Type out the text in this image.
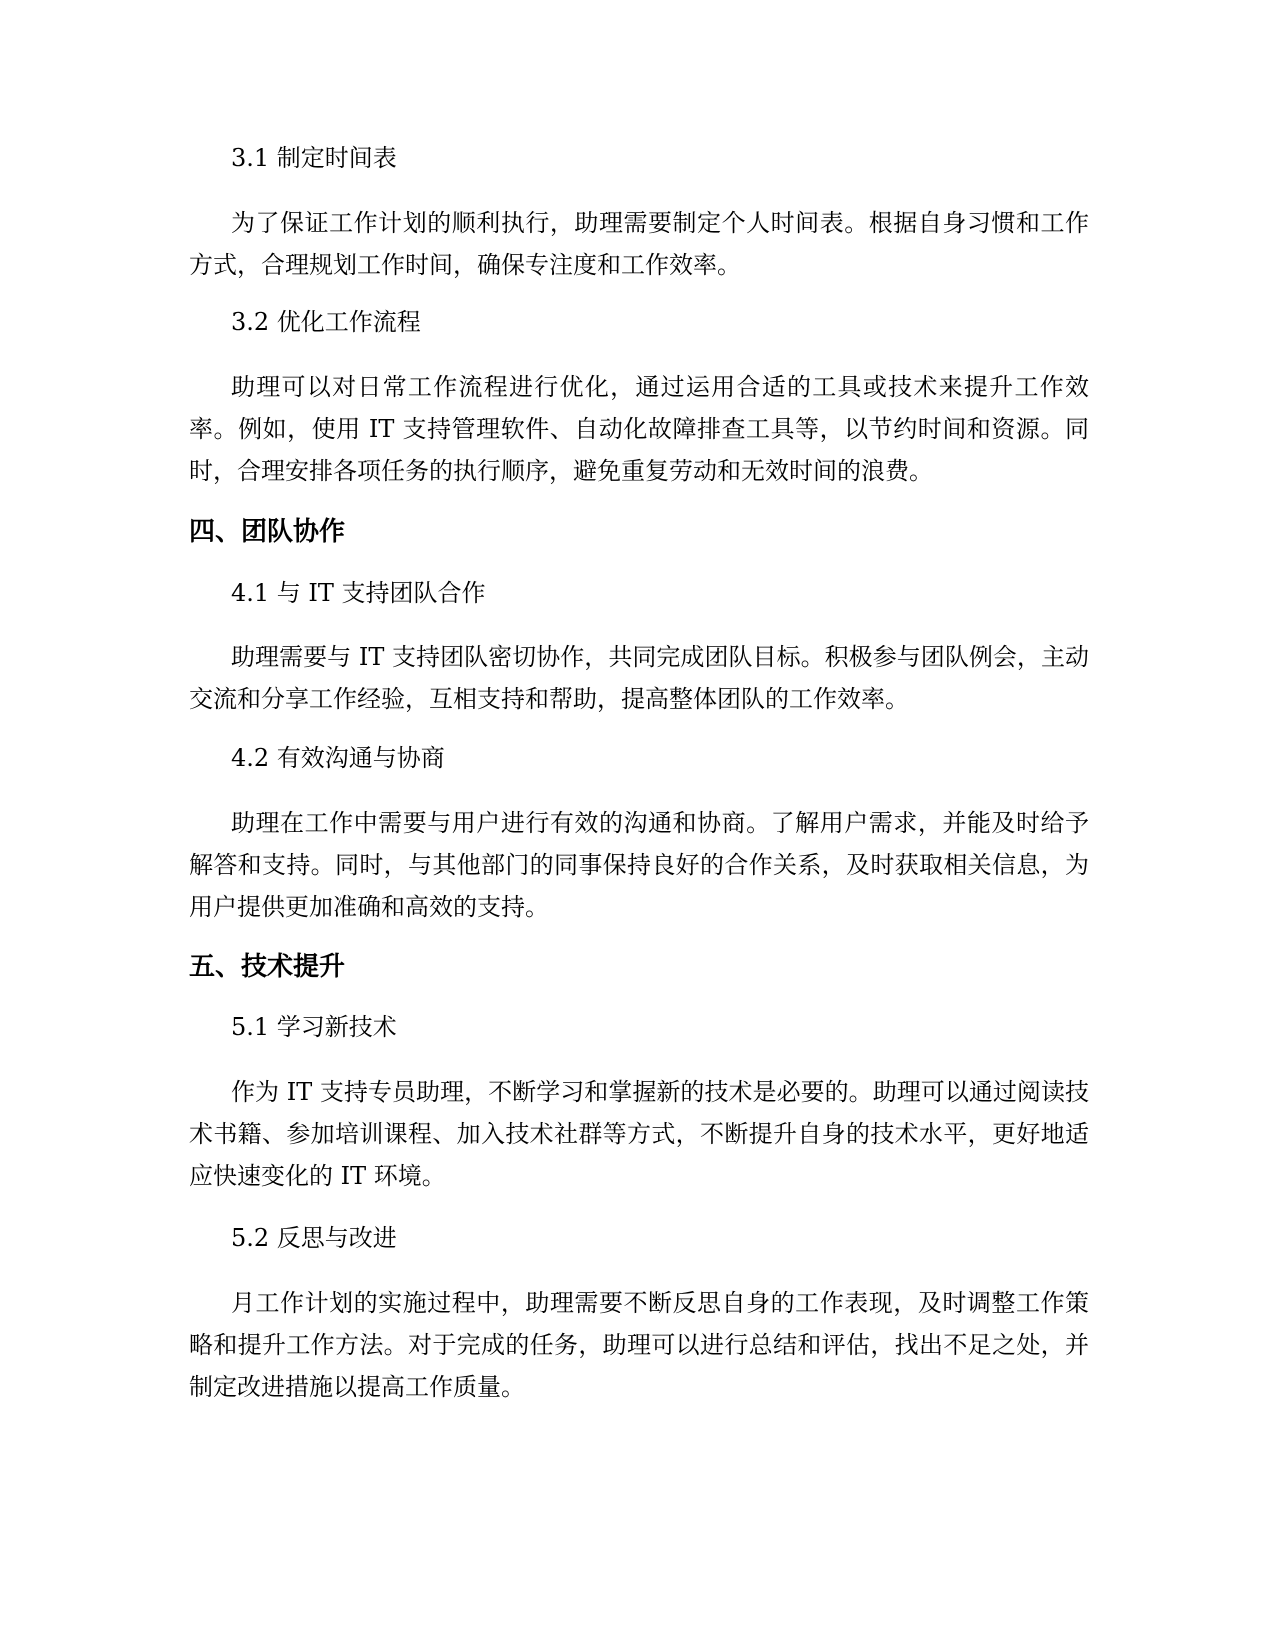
3.1 制定时间表

为了保证工作计划的顺利执行，助理需要制定个人时间表。根据自身习惯和工作方式，合理规划工作时间，确保专注度和工作效率。

3.2 优化工作流程

助理可以对日常工作流程进行优化，通过运用合适的工具或技术来提升工作效率。例如，使用 IT 支持管理软件、自动化故障排查工具等，以节约时间和资源。同时，合理安排各项任务的执行顺序，避免重复劳动和无效时间的浪费。

四、团队协作

4.1 与 IT 支持团队合作

助理需要与 IT 支持团队密切协作，共同完成团队目标。积极参与团队例会，主动交流和分享工作经验，互相支持和帮助，提高整体团队的工作效率。

4.2 有效沟通与协商

助理在工作中需要与用户进行有效的沟通和协商。了解用户需求，并能及时给予解答和支持。同时，与其他部门的同事保持良好的合作关系，及时获取相关信息，为用户提供更加准确和高效的支持。

五、技术提升

5.1 学习新技术

作为 IT 支持专员助理，不断学习和掌握新的技术是必要的。助理可以通过阅读技术书籍、参加培训课程、加入技术社群等方式，不断提升自身的技术水平，更好地适应快速变化的 IT 环境。

5.2 反思与改进

月工作计划的实施过程中，助理需要不断反思自身的工作表现，及时调整工作策略和提升工作方法。对于完成的任务，助理可以进行总结和评估，找出不足之处，并制定改进措施以提高工作质量。
